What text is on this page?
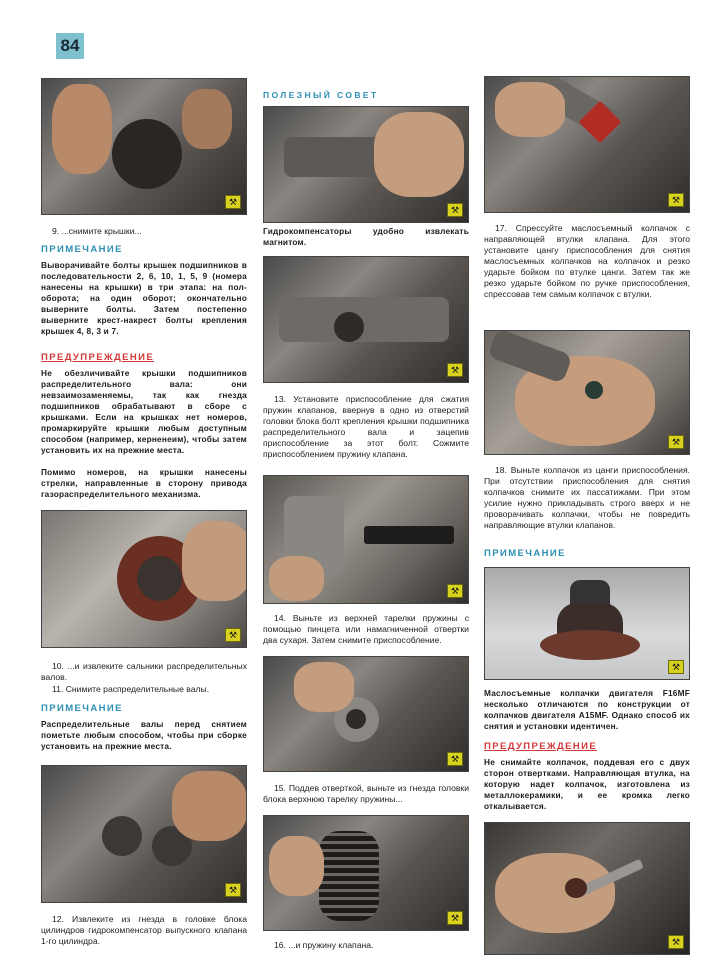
84
⚒
9. ...снимите крышки...
ПРИМЕЧАНИЕ
Выворачивайте болты крышек подшипников в последовательности 2, 6, 10, 1, 5, 9 (номера нанесены на крышки) в три этапа: на пол-оборота; на один оборот; окончательно выверните болты. Затем постепенно выверните крест-накрест болты крепления крышек 4, 8, 3 и 7.
ПРЕДУПРЕЖДЕНИЕ
Не обезличивайте крышки подшипников распределительного вала: они невзаимозаменяемы, так как гнезда подшипников обрабатывают в сборе с крышками. Если на крышках нет номеров, промаркируйте крышки любым доступным способом (например, керненеим), чтобы затем установить их на прежние места.
Помимо номеров, на крышки нанесены стрелки, направленные в сторону привода газораспределительного механизма.
⚒
10. ...и извлеките сальники распределительных валов.
11. Снимите распределительные валы.
ПРИМЕЧАНИЕ
Распределительные валы перед снятием пометьте любым способом, чтобы при сборке установить на прежние места.
⚒
12. Извлеките из гнезда в головке блока цилиндров гидрокомпенсатор выпускного клапана 1-го цилиндра.
ПОЛЕЗНЫЙ СОВЕТ
⚒
Гидрокомпенсаторы удобно извлекать магнитом.
⚒
13. Установите приспособление для сжатия пружин клапанов, ввернув в одно из отверстий головки блока болт крепления крышки подшипника распределительного вала и зацепив приспособление за этот болт. Сожмите приспособлением пружину клапана.
⚒
14. Выньте из верхней тарелки пружины с помощью пинцета или намагниченной отвертки два сухаря. Затем снимите приспособление.
⚒
15. Поддев отверткой, выньте из гнезда головки блока верхнюю тарелку пружины...
⚒
16. ...и пружину клапана.
⚒
17. Спрессуйте маслосъемный колпачок с направляющей втулки клапана. Для этого установите цангу приспособления для снятия маслосъемных колпачков на колпачок и резко ударьте бойком по втулке цанги. Затем так же резко ударьте бойком по ручке приспособления, спрессовав тем самым колпачок с втулки.
⚒
18. Выньте колпачок из цанги приспособления. При отсутствии приспособления для снятия колпачков снимите их пассатижами. При этом усилие нужно прикладывать строго вверх и не проворачивать колпачки, чтобы не повредить направляющие втулки клапанов.
ПРИМЕЧАНИЕ
⚒
Маслосъемные колпачки двигателя F16MF несколько отличаются по конструкции от колпачков двигателя A15MF. Однако способ их снятия и установки идентичен.
ПРЕДУПРЕЖДЕНИЕ
Не снимайте колпачок, поддевая его с двух сторон отвертками. Направляющая втулка, на которую надет колпачок, изготовлена из металлокерамики, и ее кромка легко откалывается.
⚒
